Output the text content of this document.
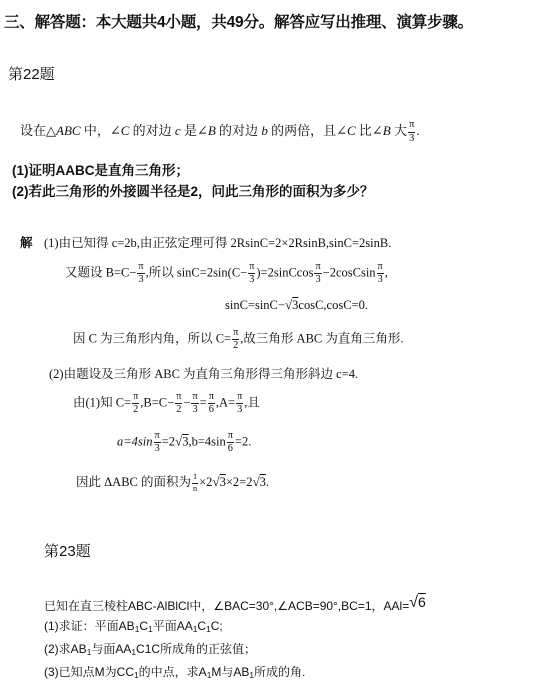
三、解答题：本大题共4小题，共49分。解答应写出推理、演算步骤。
第22题
设在△ABC 中，∠C 的对边 c 是∠B 的对边 b 的两倍，且∠C 比∠B 大 $\frac{\pi}{3}$ .
(1)证明AABC是直角三角形；
(2)若此三角形的外接圆半径是2，问此三角形的面积为多少？
解 (1)由已知得 c=2b,由正弦定理可得 2RsinC=2×2RsinB,sinC=2sinB.
又题设 $B=C- \frac{\pi}{3}$ ,所以 $\sin C=2\sin(C- \frac{\pi}{3}$ )=2sinCcos $\frac{\pi}{3}$ −2cosCsin $\frac{\pi}{3}$ ,
sinC=sinC−√3cosC,cosC=0.
因 C 为三角形内角，所以 $C= \frac{\pi}{2}$ ,故三角形 ABC 为直角三角形.
(2)由题设及三角形 ABC 为直角三角形得三角形斜边 c=4.
由(1)知 $C= \frac{\pi}{2} ,B=C- \frac{\pi}{2} - \frac{\pi}{3} = \frac{\pi}{6} ,A= \frac{\pi}{3}$ ,且
$a=4\sin \frac{\pi}{3} =2√3,b=4\sin \frac{\pi}{6} =2$.
因此 ΔABC 的面积为 $\frac{1}{n} \times 2√3\times 2=2√3$.
第23题
已知在直三棱柱ABC-AlBlCl中，∠BAC=30°,∠ACB=90°,BC=1，AAl=√6
(1)求证：平面$AB_1C_1$平面$AA_1C_1C$;
(2)求$AB_1$与面$AA_1C1C$所成角的正弦值；
(3)已知点M为$CC_1$的中点，求$A_1M$与$AB_1$所成的角.
